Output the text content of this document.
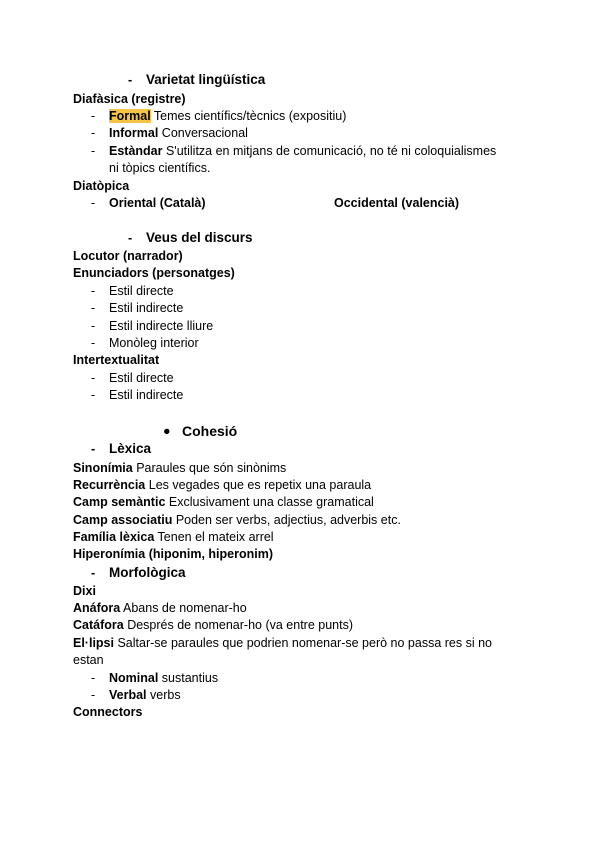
- Varietat lingüística
Diafàsica (registre)
- Formal Temes científics/tècnics (expositiu)
- Informal Conversacional
- Estàndar S'utilitza en mitjans de comunicació, no té ni coloquialismes
ni tòpics científics.
Diatòpica
- Oriental (Català)	Occidental (valencià)
- Veus del discurs
Locutor (narrador)
Enunciadors (personatges)
- Estil directe
- Estil indirecte
- Estil indirecte lliure
- Monòleg interior
Intertextualitat
- Estil directe
- Estil indirecte
● Cohesió
- Lèxica
Sinonímia Paraules que són sinònims
Recurrència Les vegades que es repetix una paraula
Camp semàntic Exclusivament una classe gramatical
Camp associatiu Poden ser verbs, adjectius, adverbis etc.
Família lèxica Tenen el mateix arrel
Hiperonímia (hiponim, hiperonim)
- Morfològica
Dixi
Anáfora Abans de nomenar-ho
Catáfora Després de nomenar-ho (va entre punts)
El·lipsi Saltar-se paraules que podrien nomenar-se però no passa res si no
estan
- Nominal sustantius
- Verbal verbs
Connectors
